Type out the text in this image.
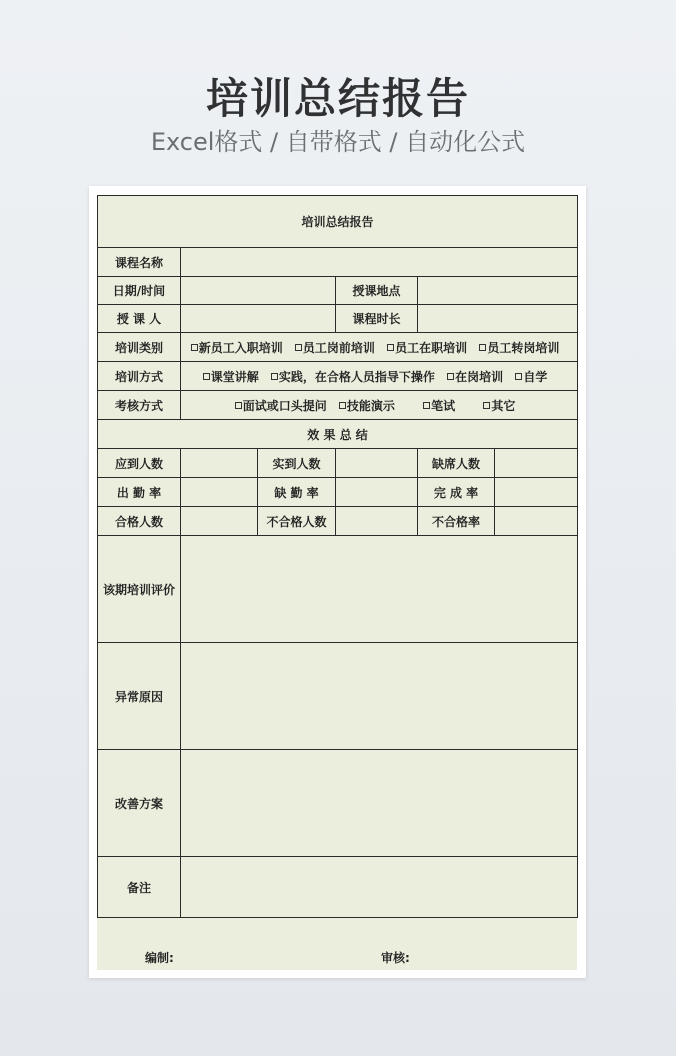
培训总结报告
Excel格式 / 自带格式 / 自动化公式
培训总结报告					
课程名称					
日期/时间			授课地点		
授 课 人			课程时长		
培训类别	新员工入职培训 员工岗前培训 员工在职培训 员工转岗培训				
培训方式	课堂讲解 实践，在合格人员指导下操作 在岗培训 自学				
考核方式	面试或口头提问 技能演示 笔试 其它				
效 果 总 结					
应到人数		实到人数		缺席人数	
出 勤 率		缺 勤 率		完 成 率	
合格人数		不合格人数		不合格率	
该期培训评价					
异常原因					
改善方案					
备注					
编制:	审核:
